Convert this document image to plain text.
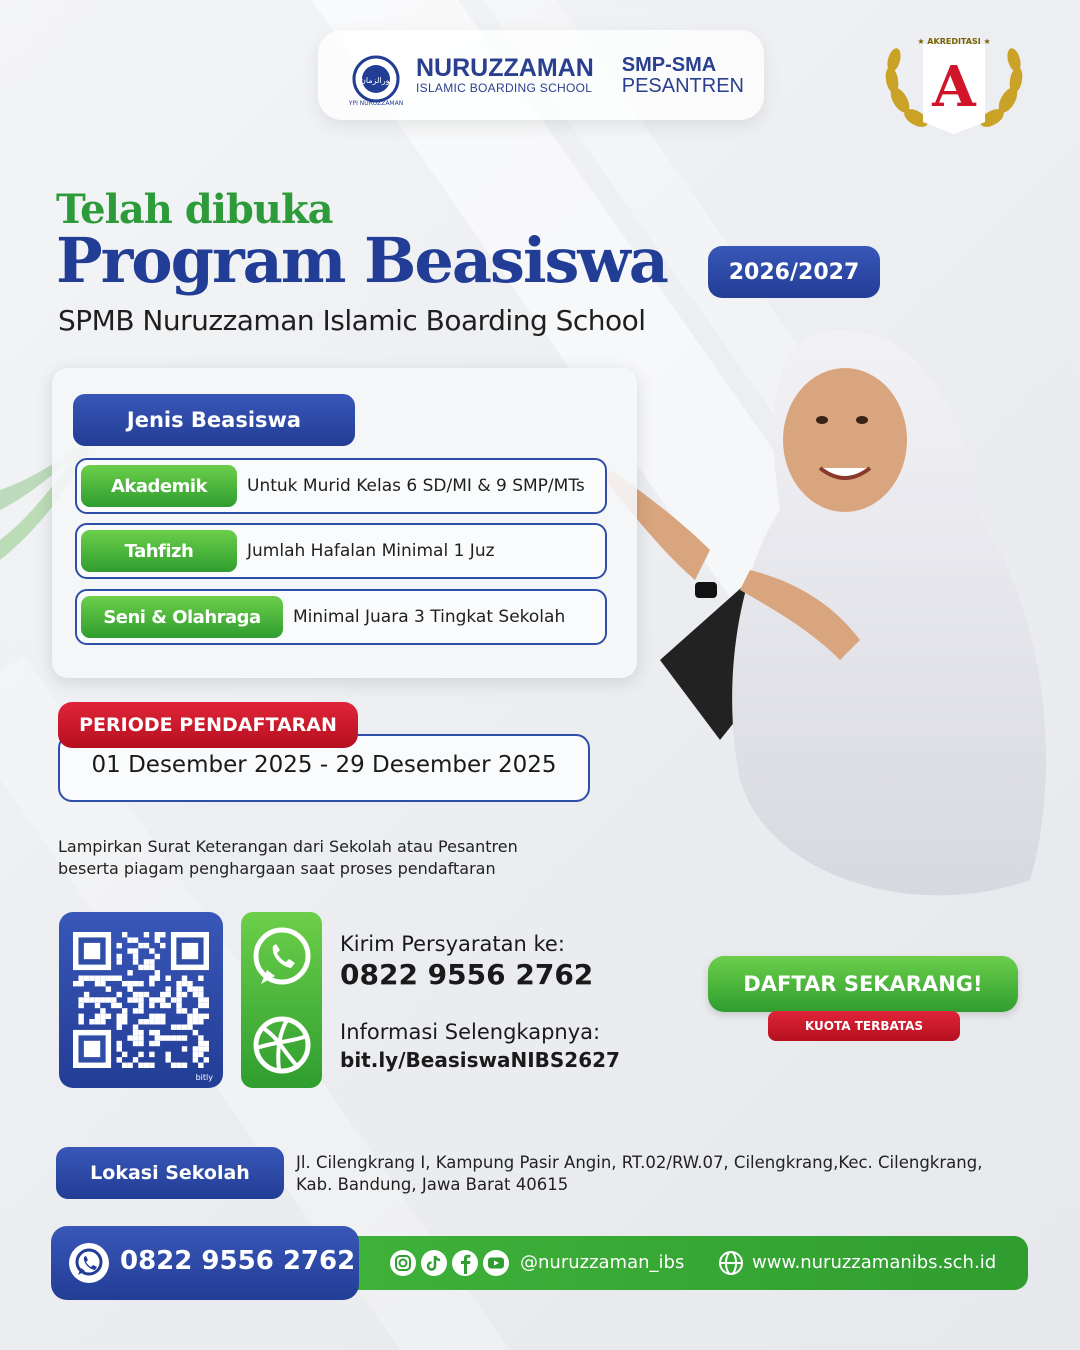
نورالزمان
YPI NURUZZAMAN
NURUZZAMAN
ISLAMIC BOARDING SCHOOL
SMP-SMA
PESANTREN
★ AKREDITASI ★
A
Telah dibuka
Program Beasiswa	2026/2027
SPMB Nuruzzaman Islamic Boarding School
Jenis Beasiswa
Akademik	Untuk Murid Kelas 6 SD/MI & 9 SMP/MTs
Tahfizh	Jumlah Hafalan Minimal 1 Juz
Seni & Olahraga	Minimal Juara 3 Tingkat Sekolah
PERIODE PENDAFTARAN
01 Desember 2025 - 29 Desember 2025
Lampirkan Surat Keterangan dari Sekolah atau Pesantren
beserta piagam penghargaan saat proses pendaftaran
bitly
Kirim Persyaratan ke:
0822 9556 2762
Informasi Selengkapnya:
bit.ly/BeasiswaNIBS2627
DAFTAR SEKARANG!
KUOTA TERBATAS
Lokasi Sekolah	Jl. Cilengkrang I, Kampung Pasir Angin, RT.02/RW.07, Cilengkrang,Kec. Cilengkrang,
Kab. Bandung, Jawa Barat 40615
0822 9556 2762	@nuruzzaman_ibs	www.nuruzzamanibs.sch.id
